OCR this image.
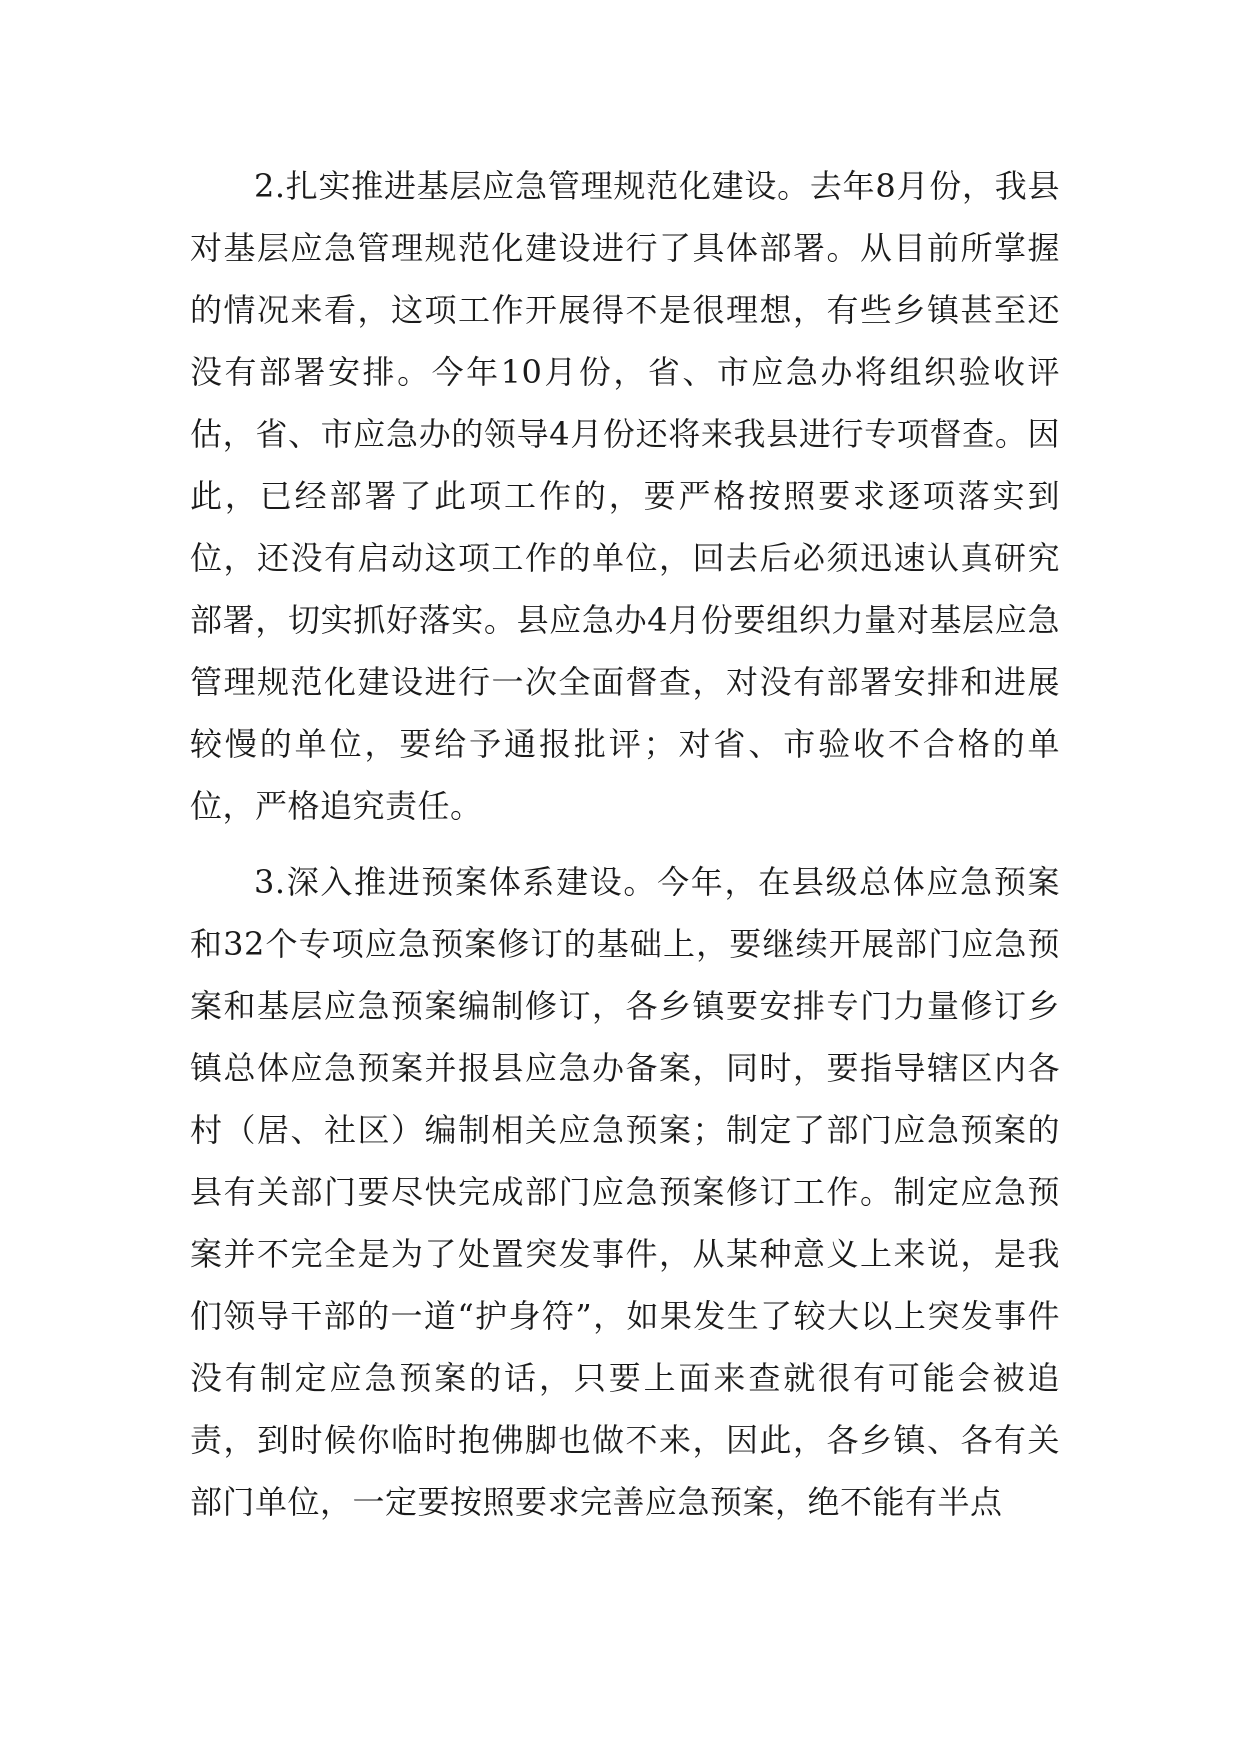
2.扎实推进基层应急管理规范化建设。去年8月份，我县对基层应急管理规范化建设进行了具体部署。从目前所掌握的情况来看，这项工作开展得不是很理想，有些乡镇甚至还没有部署安排。今年10月份，省、市应急办将组织验收评估，省、市应急办的领导4月份还将来我县进行专项督查。因此，已经部署了此项工作的，要严格按照要求逐项落实到位，还没有启动这项工作的单位，回去后必须迅速认真研究部署，切实抓好落实。县应急办4月份要组织力量对基层应急管理规范化建设进行一次全面督查，对没有部署安排和进展较慢的单位，要给予通报批评；对省、市验收不合格的单位，严格追究责任。

3.深入推进预案体系建设。今年，在县级总体应急预案和32个专项应急预案修订的基础上，要继续开展部门应急预案和基层应急预案编制修订，各乡镇要安排专门力量修订乡镇总体应急预案并报县应急办备案，同时，要指导辖区内各村（居、社区）编制相关应急预案；制定了部门应急预案的县有关部门要尽快完成部门应急预案修订工作。制定应急预案并不完全是为了处置突发事件，从某种意义上来说，是我们领导干部的一道“护身符”，如果发生了较大以上突发事件没有制定应急预案的话，只要上面来查就很有可能会被追责，到时候你临时抱佛脚也做不来，因此，各乡镇、各有关部门单位，一定要按照要求完善应急预案，绝不能有半点
